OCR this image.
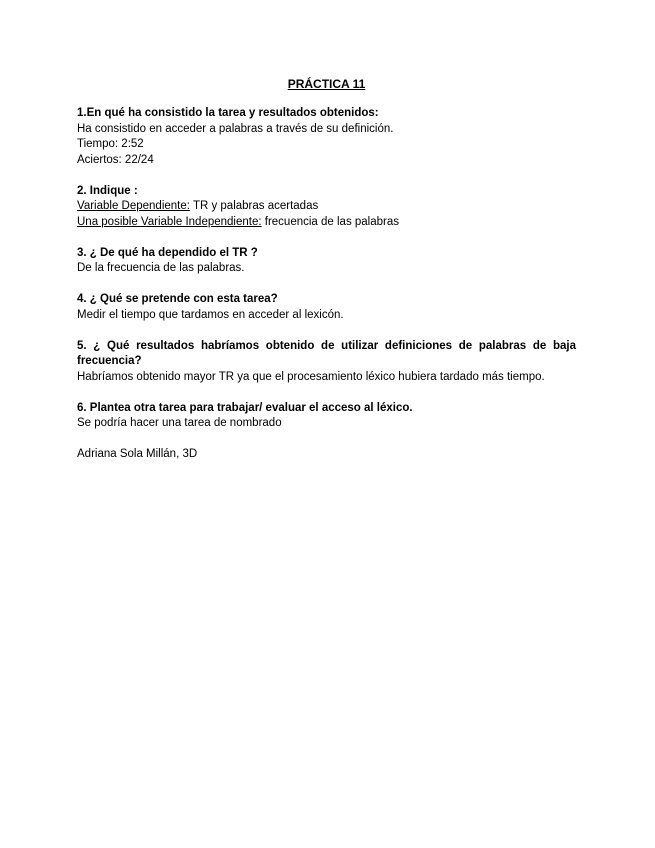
PRÁCTICA 11

1.En qué ha consistido la tarea y resultados obtenidos:

Ha consistido en acceder a palabras a través de su definición.

Tiempo: 2:52

Aciertos: 22/24

2. Indique :

Variable Dependiente: TR y palabras acertadas

Una posible Variable Independiente: frecuencia de las palabras

3. ¿ De qué ha dependido el TR ?

De la frecuencia de las palabras.

4. ¿ Qué se pretende con esta tarea?

Medir el tiempo que tardamos en acceder al lexicón.

5. ¿ Qué resultados habríamos obtenido de utilizar definiciones de palabras de baja frecuencia?

Habríamos obtenido mayor TR ya que el procesamiento léxico hubiera tardado más tiempo.

6. Plantea otra tarea para trabajar/ evaluar el acceso al léxico.

Se podría hacer una tarea de nombrado

Adriana Sola Millán, 3D
